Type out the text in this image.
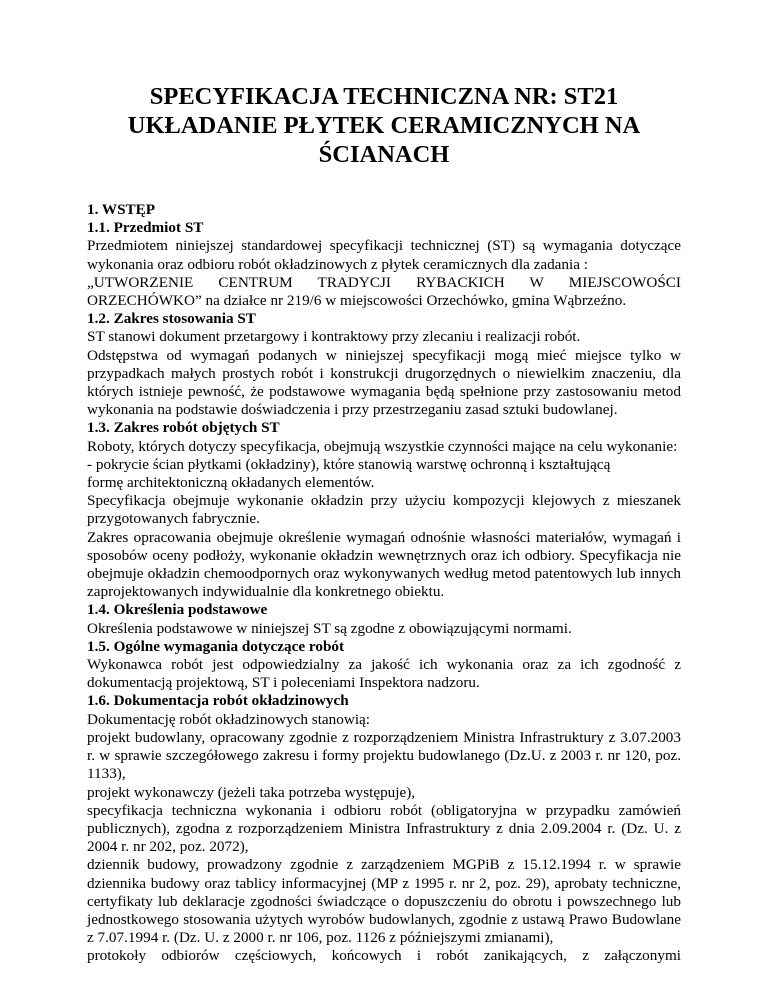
SPECYFIKACJA TECHNICZNA NR: ST21
UKŁADANIE PŁYTEK CERAMICZNYCH NA
ŚCIANACH

1. WSTĘP

1.1. Przedmiot ST

Przedmiotem niniejszej standardowej specyfikacji technicznej (ST) są wymagania dotyczące wykonania oraz odbioru robót okładzinowych z płytek ceramicznych dla zadania :

„UTWORZENIE CENTRUM TRADYCJI RYBACKICH W MIEJSCOWOŚCI

ORZECHÓWKO” na działce nr 219/6 w miejscowości Orzechówko, gmina Wąbrzeźno.

1.2. Zakres stosowania ST

ST stanowi dokument przetargowy i kontraktowy przy zlecaniu i realizacji robót.

Odstępstwa od wymagań podanych w niniejszej specyfikacji mogą mieć miejsce tylko w przypadkach małych prostych robót i konstrukcji drugorzędnych o niewielkim znaczeniu, dla których istnieje pewność, że podstawowe wymagania będą spełnione przy zastosowaniu metod wykonania na podstawie doświadczenia i przy przestrzeganiu zasad sztuki budowlanej.

1.3. Zakres robót objętych ST

Roboty, których dotyczy specyfikacja, obejmują wszystkie czynności mające na celu wykonanie:

- pokrycie ścian płytkami (okładziny), które stanowią warstwę ochronną i kształtującą

formę architektoniczną okładanych elementów.

Specyfikacja obejmuje wykonanie okładzin przy użyciu kompozycji klejowych z mieszanek przygotowanych fabrycznie.

Zakres opracowania obejmuje określenie wymagań odnośnie własności materiałów, wymagań i sposobów oceny podłoży, wykonanie okładzin wewnętrznych oraz ich odbiory. Specyfikacja nie obejmuje okładzin chemoodpornych oraz wykonywanych według metod patentowych lub innych zaprojektowanych indywidualnie dla konkretnego obiektu.

1.4. Określenia podstawowe

Określenia podstawowe w niniejszej ST są zgodne z obowiązującymi normami.

1.5. Ogólne wymagania dotyczące robót

Wykonawca robót jest odpowiedzialny za jakość ich wykonania oraz za ich zgodność z dokumentacją projektową, ST i poleceniami Inspektora nadzoru.

1.6. Dokumentacja robót okładzinowych

Dokumentację robót okładzinowych stanowią:

projekt budowlany, opracowany zgodnie z rozporządzeniem Ministra Infrastruktury z 3.07.2003 r. w sprawie szczegółowego zakresu i formy projektu budowlanego (Dz.U. z 2003 r. nr 120, poz. 1133),

projekt wykonawczy (jeżeli taka potrzeba występuje),

specyfikacja techniczna wykonania i odbioru robót (obligatoryjna w przypadku zamówień publicznych), zgodna z rozporządzeniem Ministra Infrastruktury z dnia 2.09.2004 r. (Dz. U. z 2004 r. nr 202, poz. 2072),

dziennik budowy, prowadzony zgodnie z zarządzeniem MGPiB z 15.12.1994 r. w sprawie dziennika budowy oraz tablicy informacyjnej (MP z 1995 r. nr 2, poz. 29), aprobaty techniczne, certyfikaty lub deklaracje zgodności świadczące o dopuszczeniu do obrotu i powszechnego lub jednostkowego stosowania użytych wyrobów budowlanych, zgodnie z ustawą Prawo Budowlane z 7.07.1994 r. (Dz. U. z 2000 r. nr 106, poz. 1126 z późniejszymi zmianami),

protokoły odbiorów częściowych, końcowych i robót zanikających, z załączonymi
